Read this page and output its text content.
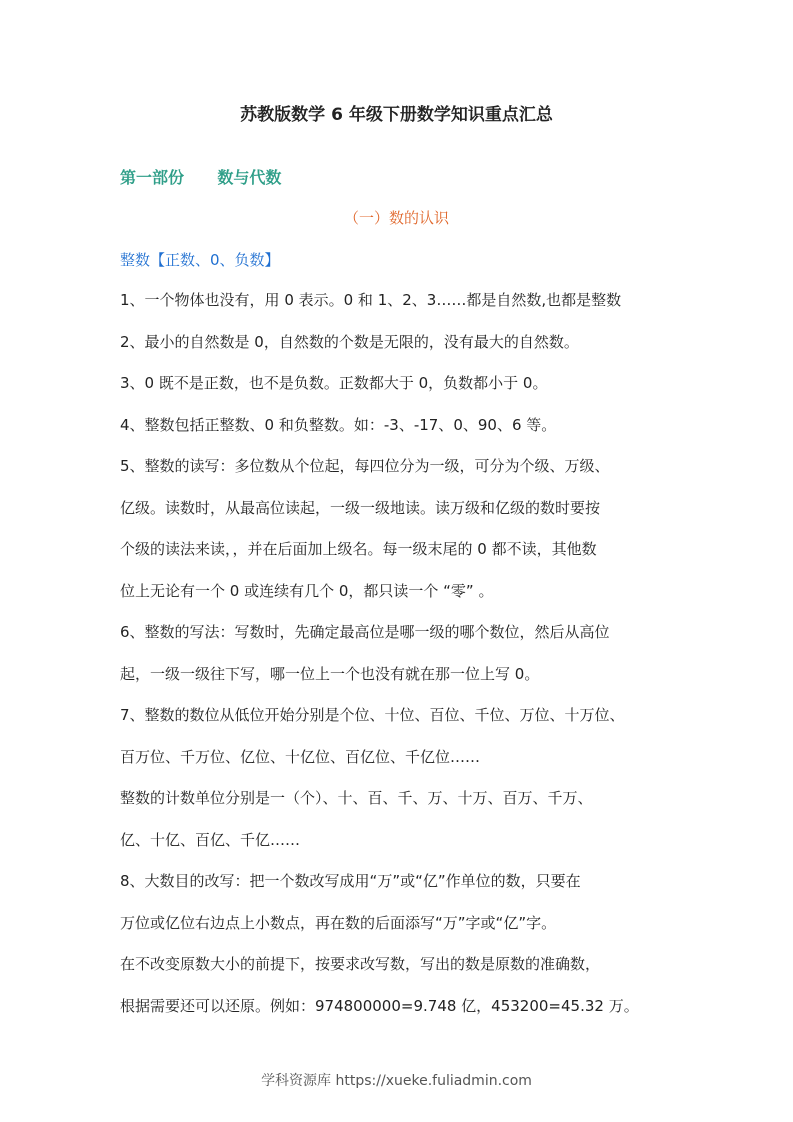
苏教版数学 6 年级下册数学知识重点汇总
第一部份      数与代数
（一）数的认识
整数【正数、0、负数】
1、一个物体也没有，用 0 表示。0 和 1、2、3……都是自然数,也都是整数
2、最小的自然数是 0，自然数的个数是无限的，没有最大的自然数。
3、0 既不是正数，也不是负数。正数都大于 0，负数都小于 0。
4、整数包括正整数、0 和负整数。如：-3、-17、0、90、6 等。
5、整数的读写：多位数从个位起，每四位分为一级，可分为个级、万级、
亿级。读数时，从最高位读起，一级一级地读。读万级和亿级的数时要按
个级的读法来读，，并在后面加上级名。每一级末尾的 0 都不读，其他数
位上无论有一个 0 或连续有几个 0，都只读一个 “零” 。
6、整数的写法：写数时，先确定最高位是哪一级的哪个数位，然后从高位
起，一级一级往下写，哪一位上一个也没有就在那一位上写 0。
7、整数的数位从低位开始分别是个位、十位、百位、千位、万位、十万位、
百万位、千万位、亿位、十亿位、百亿位、千亿位……
整数的计数单位分别是一（个）、十、百、千、万、十万、百万、千万、
亿、十亿、百亿、千亿……
8、大数目的改写：把一个数改写成用“万”或“亿”作单位的数，只要在
万位或亿位右边点上小数点，再在数的后面添写“万”字或“亿”字。
在不改变原数大小的前提下，按要求改写数，写出的数是原数的准确数，
根据需要还可以还原。例如：974800000=9.748 亿，453200=45.32 万。
学科资源库 https://xueke.fuliadmin.com
